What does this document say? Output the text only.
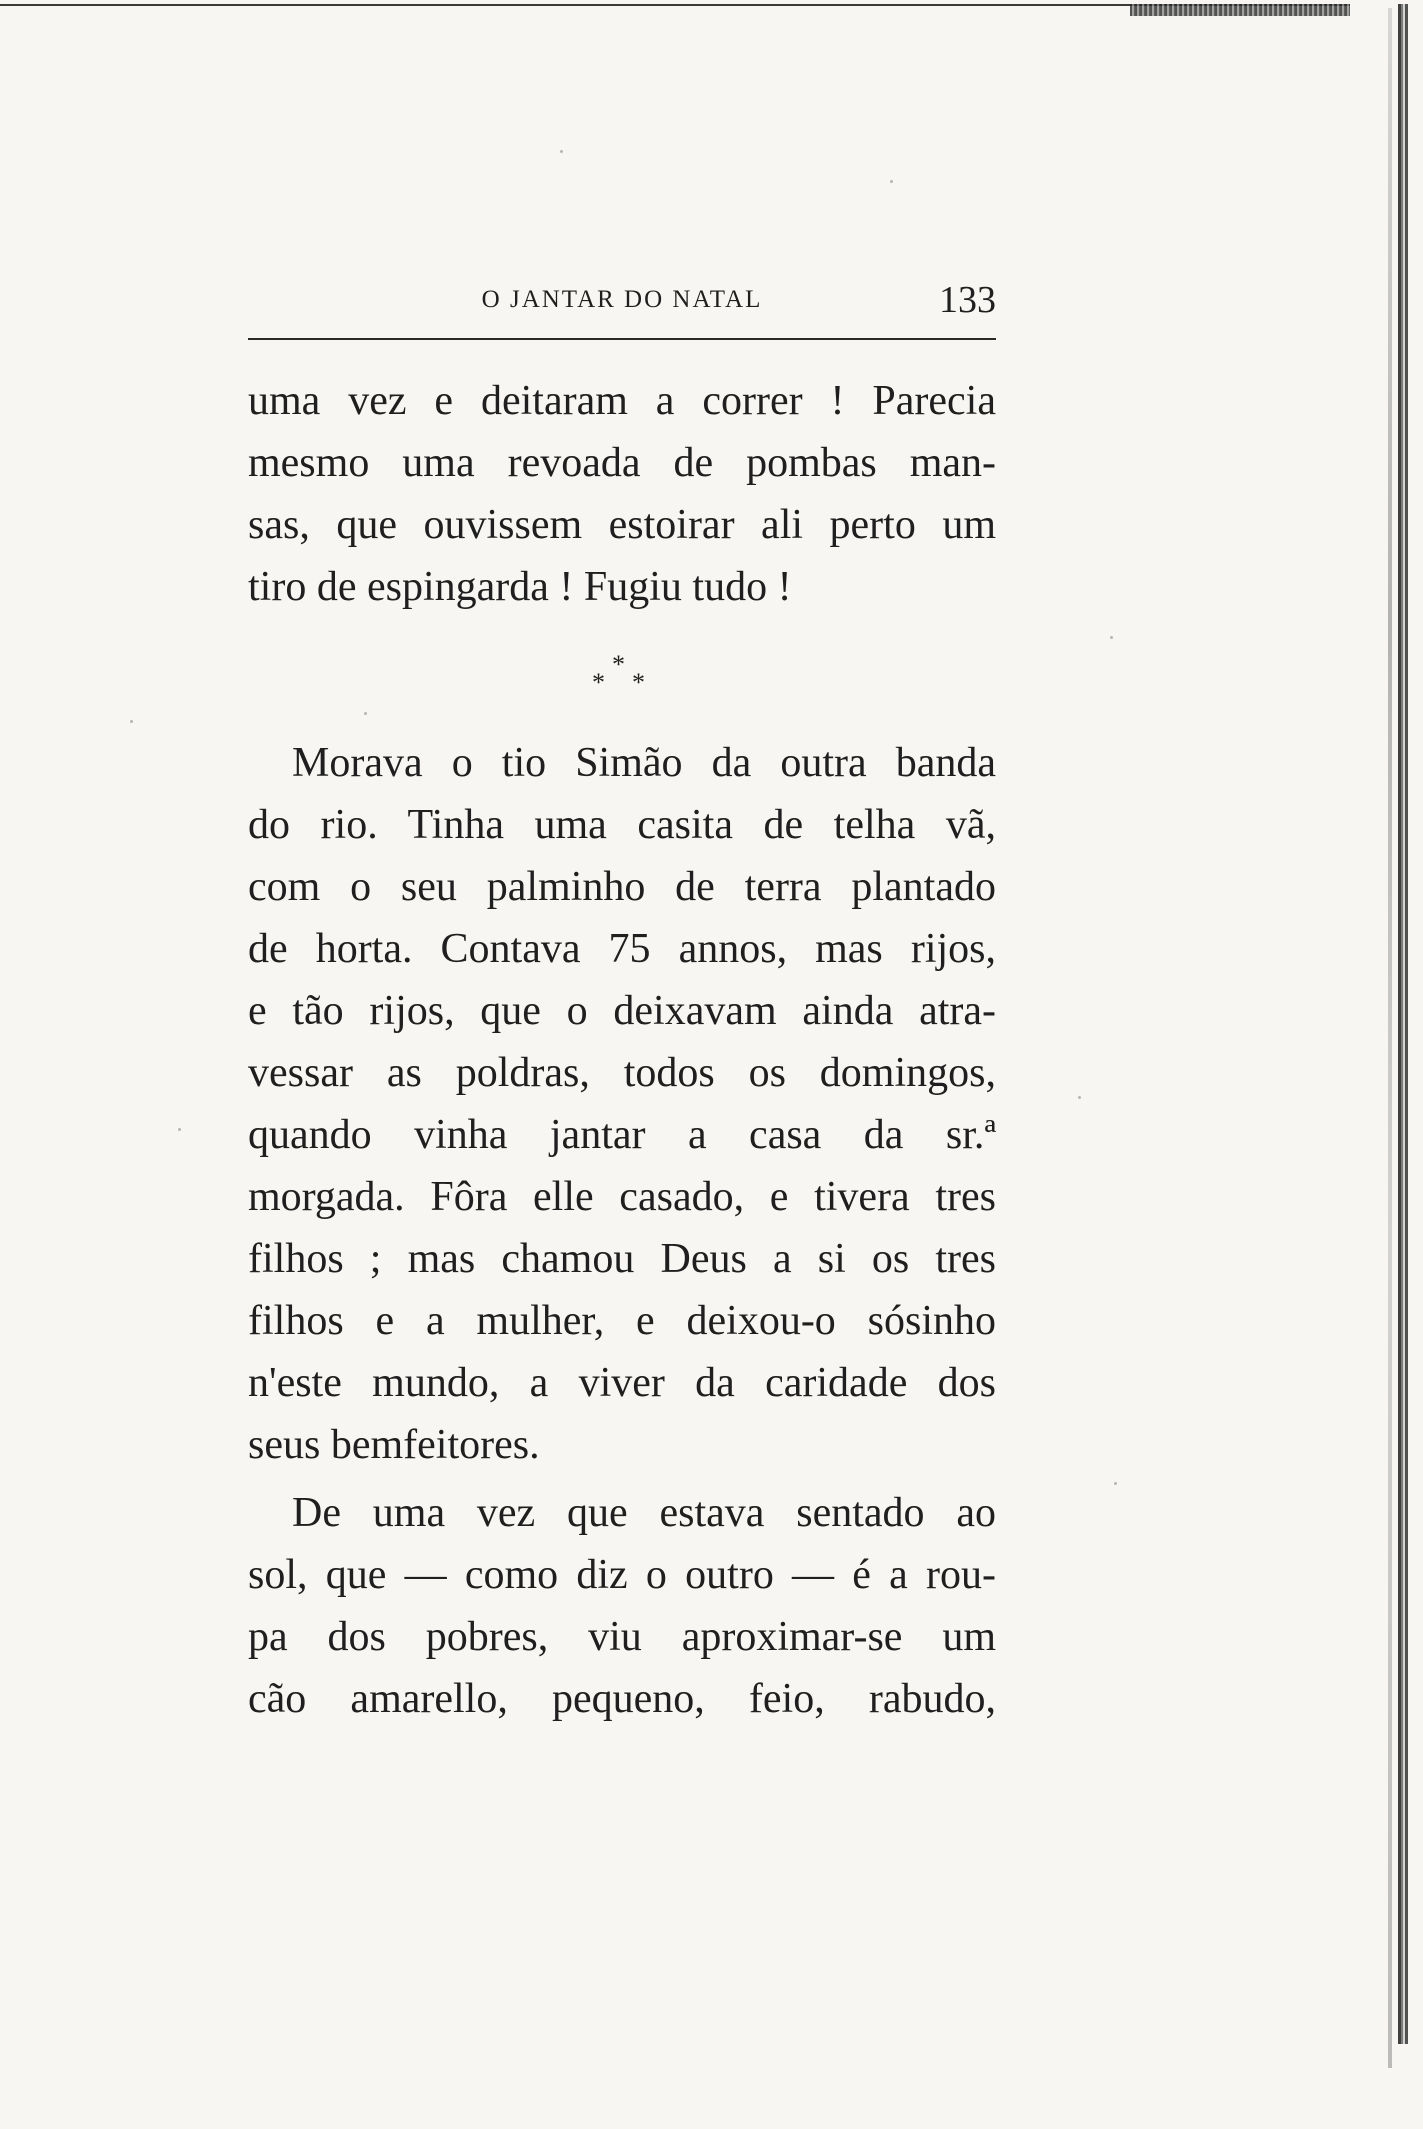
O JANTAR DO NATAL	133
uma vez e deitaram a correr ! Parecia
mesmo uma revoada de pombas man-
sas, que ouvissem estoirar ali perto um
tiro de espingarda ! Fugiu tudo !
*
* *
Morava o tio Simão da outra banda
do rio. Tinha uma casita de telha vã,
com o seu palminho de terra plantado
de horta. Contava 75 annos, mas rijos,
e tão rijos, que o deixavam ainda atra-
vessar as poldras, todos os domingos,
quando vinha jantar a casa da sr.ª
morgada. Fôra elle casado, e tivera tres
filhos ; mas chamou Deus a si os tres
filhos e a mulher, e deixou-o sósinho
n'este mundo, a viver da caridade dos
seus bemfeitores.
De uma vez que estava sentado ao
sol, que — como diz o outro — é a rou-
pa dos pobres, viu aproximar-se um
cão amarello, pequeno, feio, rabudo,
